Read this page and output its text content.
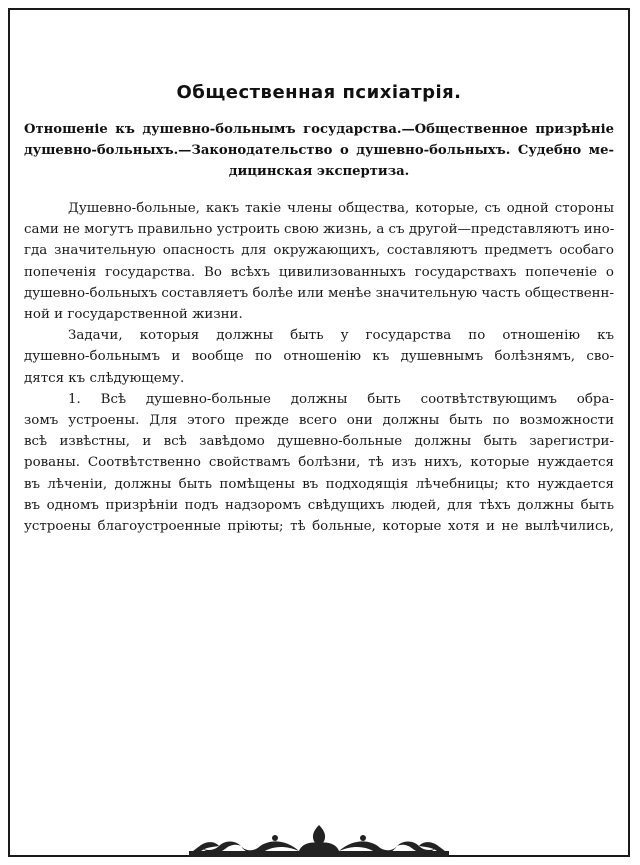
Общественная психіатрія.
Отношеніе къ душевно-больнымъ государства.—Общественное призрѣніе
душевно-больныхъ.—Законодательство о душевно-больныхъ. Судебно ме-
дицинская экспертиза.
Душевно-больные, какъ такіе члены общества, которые, съ одной стороны
сами не могутъ правильно устроить свою жизнь, а съ другой—представляютъ ино-
гда значительную опасность для окружающихъ, составляютъ предметъ особаго
попеченія государства. Во всѣхъ цивилизованныхъ государствахъ попеченіе о
душевно-больныхъ составляетъ болѣе или менѣе значительную часть общественн-
ной и государственной жизни.
Задачи, которыя должны быть у государства по отношенію къ
душевно-больнымъ и вообще по отношенію къ душевнымъ болѣзнямъ, сво-
дятся къ слѣдующему.
1. Всѣ душевно-больные должны быть соотвѣтствующимъ обра-
зомъ устроены. Для этого прежде всего они должны быть по возможности
всѣ извѣстны, и всѣ завѣдомо душевно-больные должны быть зарегистри-
рованы. Соотвѣтственно свойствамъ болѣзни, тѣ изъ нихъ, которые нуждается
въ лѣченіи, должны быть помѣщены въ подходящія лѣчебницы; кто нуждается
въ одномъ призрѣніи подъ надзоромъ свѣдущихъ людей, для тѣхъ должны быть
устроены благоустроенные пріюты; тѣ больные, которые хотя и не вылѣчились,
